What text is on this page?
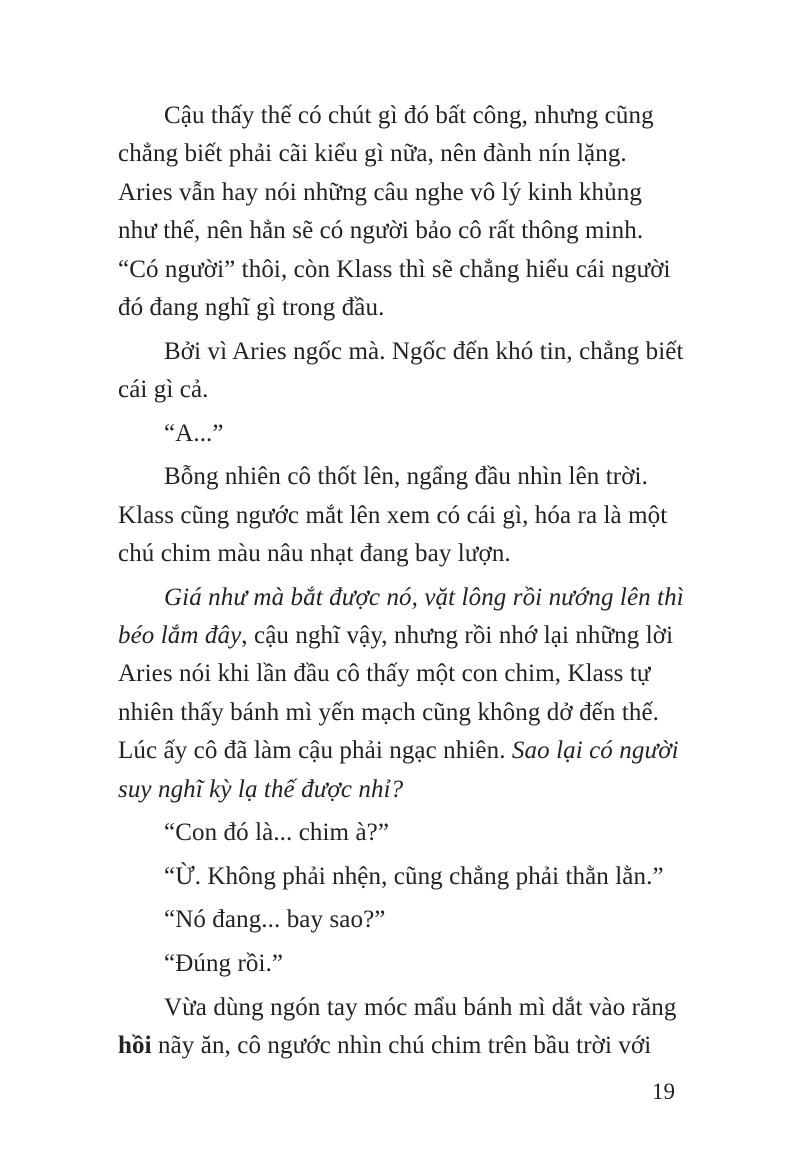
Cậu thấy thế có chút gì đó bất công, nhưng cũng
chẳng biết phải cãi kiểu gì nữa, nên đành nín lặng.
Aries vẫn hay nói những câu nghe vô lý kinh khủng
như thế, nên hẳn sẽ có người bảo cô rất thông minh.
“Có người” thôi, còn Klass thì sẽ chẳng hiểu cái người
đó đang nghĩ gì trong đầu.
Bởi vì Aries ngốc mà. Ngốc đến khó tin, chẳng biết
cái gì cả.
“A...”
Bỗng nhiên cô thốt lên, ngẩng đầu nhìn lên trời.
Klass cũng ngước mắt lên xem có cái gì, hóa ra là một
chú chim màu nâu nhạt đang bay lượn.
Giá như mà bắt được nó, vặt lông rồi nướng lên thì
béo lắm đây, cậu nghĩ vậy, nhưng rồi nhớ lại những lời
Aries nói khi lần đầu cô thấy một con chim, Klass tự
nhiên thấy bánh mì yến mạch cũng không dở đến thế.
Lúc ấy cô đã làm cậu phải ngạc nhiên. Sao lại có người
suy nghĩ kỳ lạ thế được nhỉ?
“Con đó là... chim à?”
“Ừ. Không phải nhện, cũng chẳng phải thằn lằn.”
“Nó đang... bay sao?”
“Đúng rồi.”
Vừa dùng ngón tay móc mẩu bánh mì dắt vào răng
hồi nãy ăn, cô ngước nhìn chú chim trên bầu trời với
19
